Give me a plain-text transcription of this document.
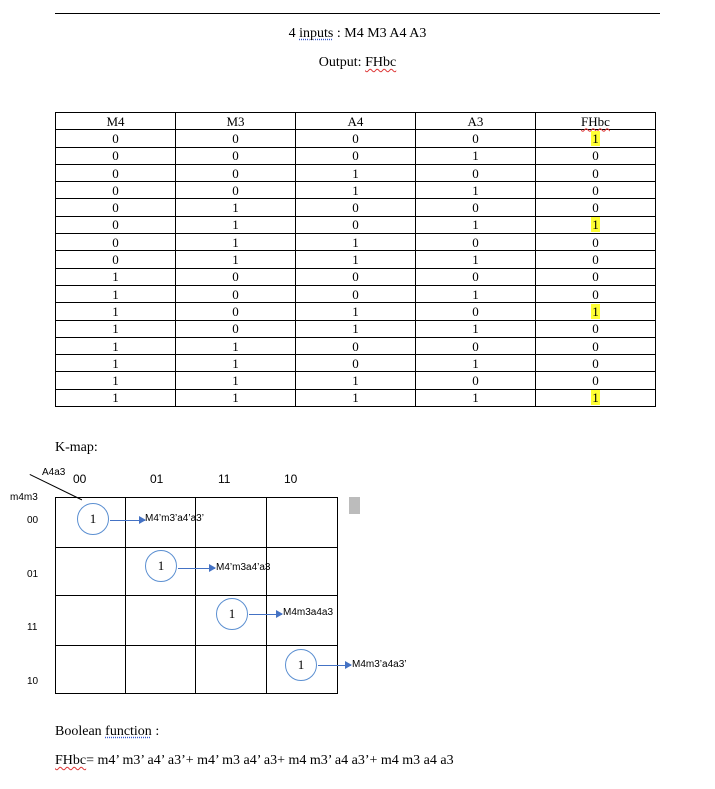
4 inputs : M4 M3 A4 A3
Output: FHbc
M4	M3	A4	A3	FHbc
0	0	0	0	1
0	0	0	1	0
0	0	1	0	0
0	0	1	1	0
0	1	0	0	0
0	1	0	1	1
0	1	1	0	0
0	1	1	1	0
1	0	0	0	0
1	0	0	1	0
1	0	1	0	1
1	0	1	1	0
1	1	0	0	0
1	1	0	1	0
1	1	1	0	0
1	1	1	1	1
K-map:
A4a3
m4m3
00	01	11	10
00
01
11
10
1	M4’m3’a4’a3’
1	M4’m3a4’a3
1	M4m3a4a3
1	M4m3’a4a3’
Boolean function :
FHbc= m4’ m3’ a4’ a3’+ m4’ m3 a4’ a3+ m4 m3’ a4 a3’+ m4 m3 a4 a3
